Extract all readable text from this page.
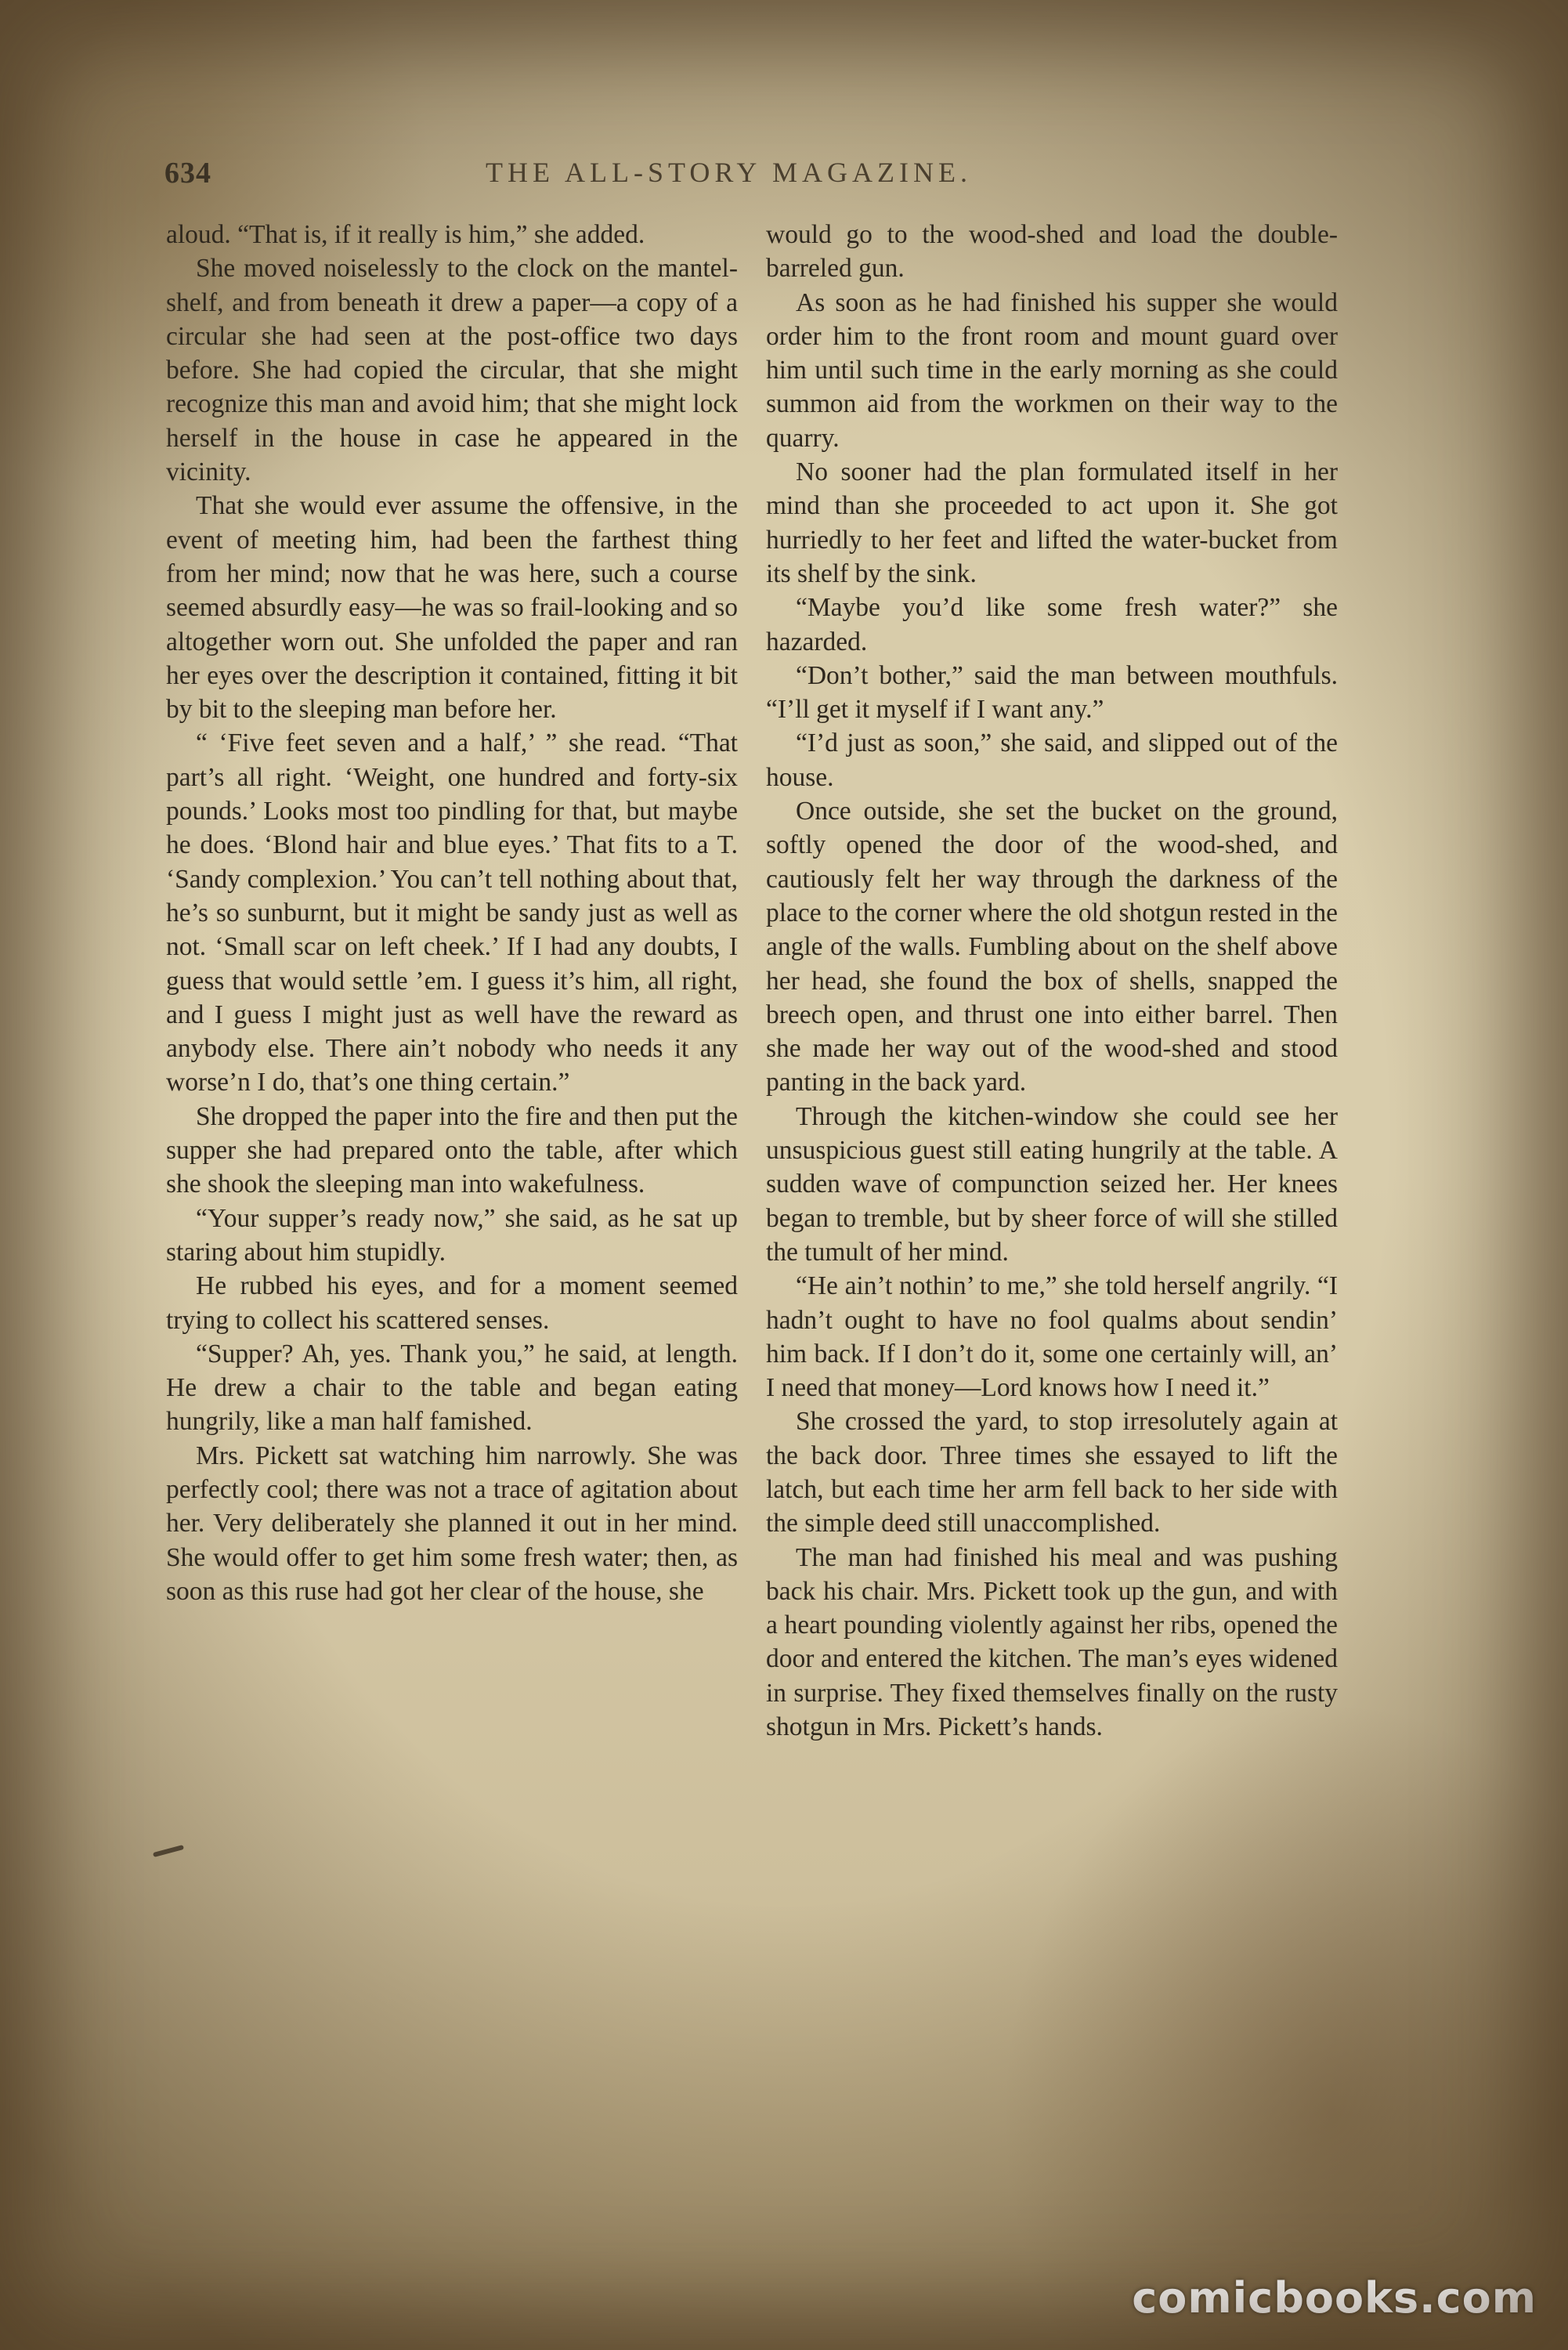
634	THE ALL-STORY MAGAZINE.

aloud. “That is, if it really is him,” she added.

She moved noiselessly to the clock on the mantel-shelf, and from beneath it drew a paper—a copy of a circular she had seen at the post-office two days before. She had copied the circular, that she might recognize this man and avoid him; that she might lock herself in the house in case he appeared in the vicinity.

That she would ever assume the offensive, in the event of meeting him, had been the farthest thing from her mind; now that he was here, such a course seemed absurdly easy—he was so frail-looking and so altogether worn out. She unfolded the paper and ran her eyes over the description it contained, fitting it bit by bit to the sleeping man before her.

“ ‘Five feet seven and a half,’ ” she read. “That part’s all right. ‘Weight, one hundred and forty-six pounds.’ Looks most too pindling for that, but maybe he does. ‘Blond hair and blue eyes.’ That fits to a T. ‘Sandy complexion.’ You can’t tell nothing about that, he’s so sunburnt, but it might be sandy just as well as not. ‘Small scar on left cheek.’ If I had any doubts, I guess that would settle ’em. I guess it’s him, all right, and I guess I might just as well have the reward as anybody else. There ain’t nobody who needs it any worse’n I do, that’s one thing certain.”

She dropped the paper into the fire and then put the supper she had prepared onto the table, after which she shook the sleeping man into wakefulness.

“Your supper’s ready now,” she said, as he sat up staring about him stupidly.

He rubbed his eyes, and for a moment seemed trying to collect his scattered senses.

“Supper? Ah, yes. Thank you,” he said, at length. He drew a chair to the table and began eating hungrily, like a man half famished.

Mrs. Pickett sat watching him narrowly. She was perfectly cool; there was not a trace of agitation about her. Very deliberately she planned it out in her mind. She would offer to get him some fresh water; then, as soon as this ruse had got her clear of the house, she

would go to the wood-shed and load the double-barreled gun.

As soon as he had finished his supper she would order him to the front room and mount guard over him until such time in the early morning as she could summon aid from the workmen on their way to the quarry.

No sooner had the plan formulated itself in her mind than she proceeded to act upon it. She got hurriedly to her feet and lifted the water-bucket from its shelf by the sink.

“Maybe you’d like some fresh water?” she hazarded.

“Don’t bother,” said the man between mouthfuls. “I’ll get it myself if I want any.”

“I’d just as soon,” she said, and slipped out of the house.

Once outside, she set the bucket on the ground, softly opened the door of the wood-shed, and cautiously felt her way through the darkness of the place to the corner where the old shotgun rested in the angle of the walls. Fumbling about on the shelf above her head, she found the box of shells, snapped the breech open, and thrust one into either barrel. Then she made her way out of the wood-shed and stood panting in the back yard.

Through the kitchen-window she could see her unsuspicious guest still eating hungrily at the table. A sudden wave of compunction seized her. Her knees began to tremble, but by sheer force of will she stilled the tumult of her mind.

“He ain’t nothin’ to me,” she told herself angrily. “I hadn’t ought to have no fool qualms about sendin’ him back. If I don’t do it, some one certainly will, an’ I need that money—Lord knows how I need it.”

She crossed the yard, to stop irresolutely again at the back door. Three times she essayed to lift the latch, but each time her arm fell back to her side with the simple deed still unaccomplished.

The man had finished his meal and was pushing back his chair. Mrs. Pickett took up the gun, and with a heart pounding violently against her ribs, opened the door and entered the kitchen. The man’s eyes widened in surprise. They fixed themselves finally on the rusty shotgun in Mrs. Pickett’s hands.

comicbooks.com
